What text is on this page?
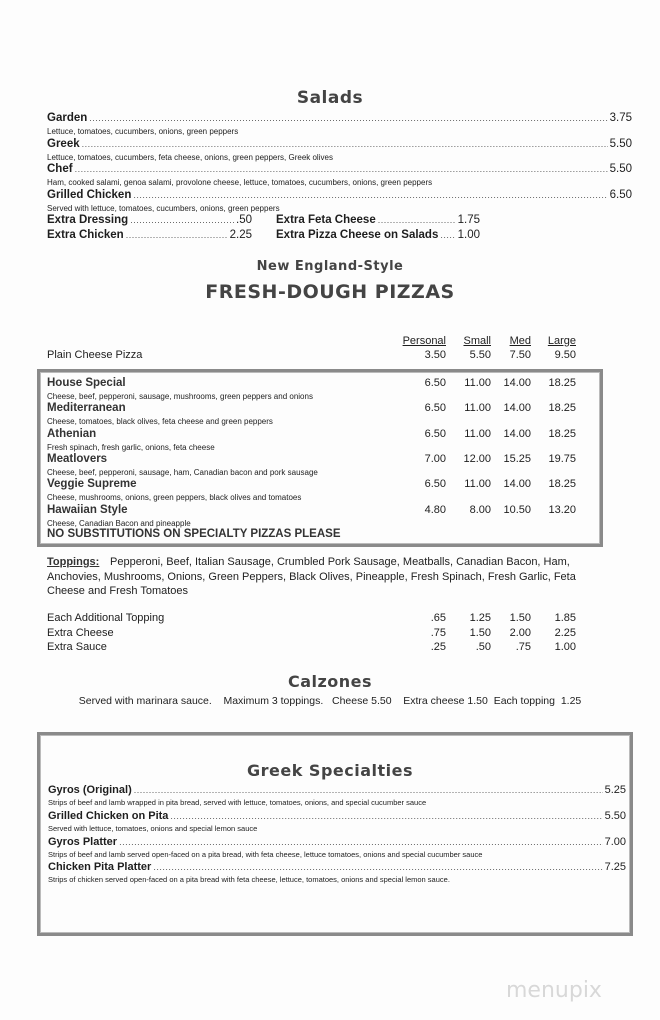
Salads
Garden .....	3.75
Lettuce, tomatoes, cucumbers, onions, green peppers
Greek .....	5.50
Lettuce, tomatoes, cucumbers, feta cheese, onions, green peppers, Greek olives
Chef .....	5.50
Ham, cooked salami, genoa salami, provolone cheese, lettuce, tomatoes, cucumbers, onions, green peppers
Grilled Chicken .....	6.50
Served with lettuce, tomatoes, cucumbers, onions, green peppers
Extra Dressing .....	.50 Extra Feta Cheese .....	1.75
Extra Chicken .....	2.25 Extra Pizza Cheese on Salads ..... 1.00
New England-Style
FRESH-DOUGH PIZZAS
Personal	Small	Med	Large
Plain Cheese Pizza	3.50	5.50	7.50	9.50
House Special
Cheese, beef, pepperoni, sausage, mushrooms, green peppers and onions
6.50	11.00	14.00	18.25
Mediterranean
Cheese, tomatoes, black olives, feta cheese and green peppers
6.50	11.00	14.00	18.25
Athenian
Fresh spinach, fresh garlic, onions, feta cheese
6.50	11.00	14.00	18.25
Meatlovers
Cheese, beef, pepperoni, sausage, ham, Canadian bacon and pork sausage
7.00	12.00	15.25	19.75
Veggie Supreme
Cheese, mushrooms, onions, green peppers, black olives and tomatoes
6.50	11.00	14.00	18.25
Hawaiian Style
Cheese, Canadian Bacon and pineapple
4.80	8.00	10.50	13.20
NO SUBSTITUTIONS ON SPECIALTY PIZZAS PLEASE
Toppings: Pepperoni, Beef, Italian Sausage, Crumbled Pork Sausage, Meatballs, Canadian Bacon, Ham,
Anchovies, Mushrooms, Onions, Green Peppers, Black Olives, Pineapple, Fresh Spinach, Fresh Garlic, Feta
Cheese and Fresh Tomatoes
Each Additional Topping	.65	1.25	1.50	1.85
Extra Cheese	.75	1.50	2.00	2.25
Extra Sauce	.25	.50	.75	1.00
Calzones
Served with marinara sauce.    Maximum 3 toppings.   Cheese 5.50    Extra cheese 1.50  Each topping  1.25
Greek Specialties
Gyros (Original) .....	5.25
Strips of beef and lamb wrapped in pita bread, served with lettuce, tomatoes, onions, and special cucumber sauce
Grilled Chicken on Pita .....	5.50
Served with lettuce, tomatoes, onions and special lemon sauce
Gyros Platter .....	7.00
Strips of beef and lamb served open-faced on a pita bread, with feta cheese, lettuce tomatoes, onions and special cucumber sauce
Chicken Pita Platter .....	7.25
Strips of chicken served open-faced on a pita bread with feta cheese, lettuce, tomatoes, onions and special lemon sauce.
menupix
